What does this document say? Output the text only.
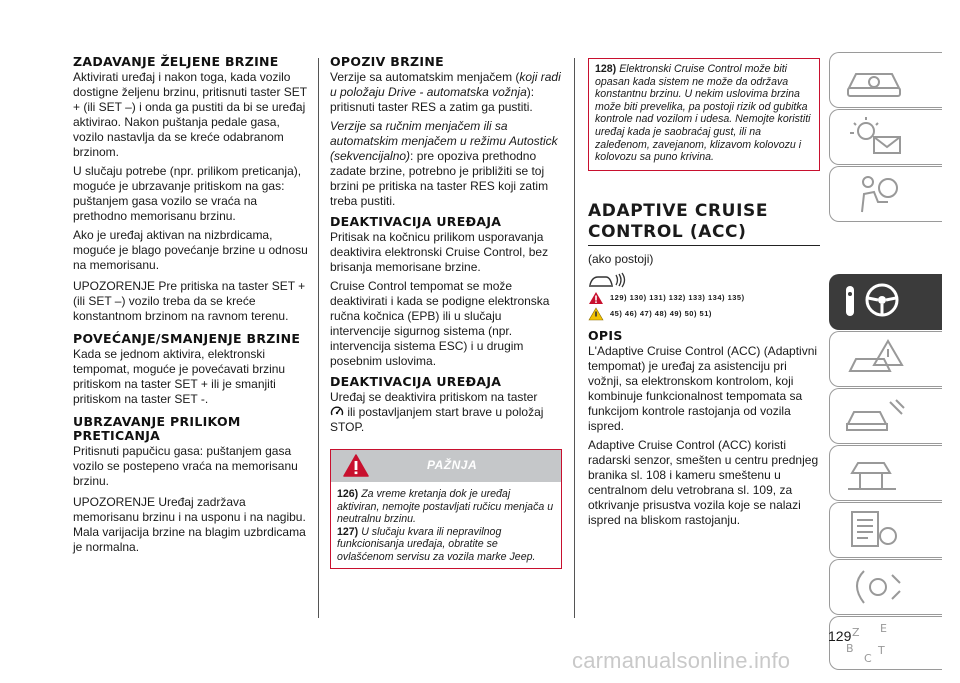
ZADAVANJE ŽELJENE BRZINE

Aktivirati uređaj i nakon toga, kada vozilo dostigne željenu brzinu, pritisnuti taster SET + (ili SET –) i onda ga pustiti da bi se uređaj aktivirao. Nakon puštanja pedale gasa, vozilo nastavlja da se kreće odabranom brzinom.

U slučaju potrebe (npr. prilikom preticanja), moguće je ubrzavanje pritiskom na gas: puštanjem gasa vozilo se vraća na prethodno memorisanu brzinu.

Ako je uređaj aktivan na nizbrdicama, moguće je blago povećanje brzine u odnosu na memorisanu.

UPOZORENJE Pre pritiska na taster SET + (ili SET –) vozilo treba da se kreće konstantnom brzinom na ravnom terenu.

POVEĆANJE/SMANJENJE BRZINE

Kada se jednom aktivira, elektronski tempomat, moguće je povećavati brzinu pritiskom na taster SET + ili je smanjiti pritiskom na taster SET -.

UBRZAVANJE PRILIKOM PRETICANJA

Pritisnuti papučicu gasa: puštanjem gasa vozilo se postepeno vraća na memorisanu brzinu.

UPOZORENJE Uređaj zadržava memorisanu brzinu i na usponu i na nagibu. Mala varijacija brzine na blagim uzbrdicama je normalna.

OPOZIV BRZINE

Verzije sa automatskim menjačem (koji radi u položaju Drive - automatska vožnja): pritisnuti taster RES a zatim ga pustiti.

Verzije sa ručnim menjačem ili sa automatskim menjačem u režimu Autostick (sekvencijalno): pre opoziva prethodno zadate brzine, potrebno je približiti se toj brzini pe pritiska na taster RES koji zatim treba pustiti.

DEAKTIVACIJA UREĐAJA

Pritisak na kočnicu prilikom usporavanja deaktivira elektronski Cruise Control, bez brisanja memorisane brzine.

Cruise Control tempomat se može deaktivirati i kada se podigne elektronska ručna kočnica (EPB) ili u slučaju intervencije sigurnog sistema (npr. intervencija sistema ESC) i u drugim posebnim uslovima.

DEAKTIVACIJA UREĐAJA

Uređaj se deaktivira pritiskom na taster
ili postavljanjem start brave u položaj STOP.

PAŽNJA

126) Za vreme kretanja dok je uređaj aktiviran, nemojte postavljati ručicu menjača u neutralnu brzinu.

127) U slučaju kvara ili nepravilnog funkcionisanja uređaja, obratite se ovlašćenom servisu za vozila marke Jeep.

128) Elektronski Cruise Control može biti opasan kada sistem ne može da održava konstantnu brzinu. U nekim uslovima brzina može biti prevelika, pa postoji rizik od gubitka kontrole nad vozilom i udesa. Nemojte koristiti uređaj kada je saobraćaj gust, ili na zaleđenom, zavejanom, klizavom kolovozu i kolovozu sa puno krivina.

ADAPTIVE CRUISE CONTROL (ACC)

(ako postoji)

129) 130) 131) 132) 133) 134) 135)
45) 46) 47) 48) 49) 50) 51)
OPIS

L'Adaptive Cruise Control (ACC) (Adaptivni tempomat) je uređaj za asistenciju pri vožnji, sa elektronskom kontrolom, koji kombinuje funkcionalnost tempomata sa funkcijom kontrole rastojanja od vozila ispred.

Adaptive Cruise Control (ACC) koristi radarski senzor, smešten u centru prednjeg branika sl. 108 i kameru smeštenu u centralnom delu vetrobrana sl. 109, za otkrivanje prisustva vozila koje se nalazi ispred na bliskom rastojanju.

Z E
B
C
T
129
carmanualsonline.info
